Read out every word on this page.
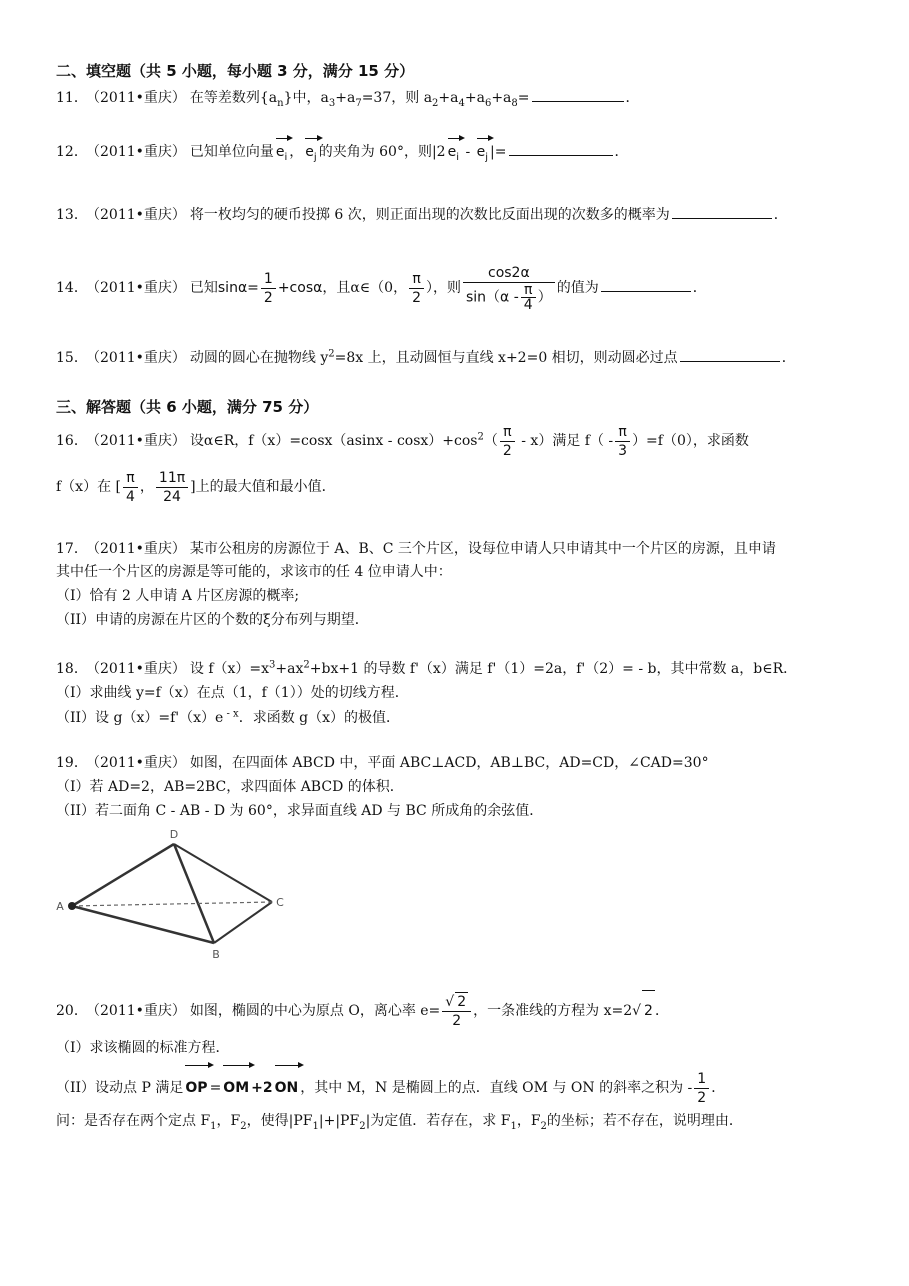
二、填空题（共 5 小题，每小题 3 分，满分 15 分）
11．（2011•重庆） 在等差数列$\{a_n\}$中，$a_3+a_7=37$，则 $a_2+a_4+a_6+a_8=$	．
12．（2011•重庆） 已知单位向量 $e_i$ ， $e_j$ 的夹角为 60°，则|2 $e_i - e_j$ |=	．
13．（2011•重庆） 将一枚均匀的硬币投掷 6 次，则正面出现的次数比反面出现的次数多的概率为	．
14．（2011•重庆） 已知$\sin\alpha= \frac{1}{2} +\cos\alpha$，且α∈（0， $\frac{\pi}{2}$ ），则 $\frac{\cos 2\alpha}{\sin(\alpha - \frac{\pi}{4} )}$ 的值为	．
15．（2011•重庆） 动圆的圆心在抛物线 $y^2=8x$ 上，且动圆恒与直线 x+2=0 相切，则动圆必过点	．
三、解答题（共 6 小题，满分 75 分）
16．（2011•重庆） 设α∈R，$f(x)=\cos x(asinx - \cos x)+\cos^2( \frac{\pi}{2} - x)$满足 $f( - \frac{\pi}{3} )=f(0)$，求函数
f（x）在 [ $\frac{\pi}{4}$ ， $\frac{11\pi}{24}$ ]上的最大值和最小值．
17．（2011•重庆） 某市公租房的房源位于 A、B、C 三个片区，设每位申请人只申请其中一个片区的房源，且申请
其中任一个片区的房源是等可能的，求该市的任 4 位申请人中：
（I）恰有 2 人申请 A 片区房源的概率;
（II）申请的房源在片区的个数的ξ分布列与期望．
18．（2011•重庆） 设 $f(x)=x^3+ax^2+bx+1$ 的导数 f'（x）满足 f'（1）=2a，f'（2）= - b，其中常数 a，b∈R．
（I）求曲线 y=f（x）在点（1，f（1））处的切线方程．
（II）设 g（x）=f'（x）e $^{- x}$．求函数 g（x）的极值．
19．（2011•重庆） 如图，在四面体 ABCD 中，平面 ABC⊥ACD，AB⊥BC，AD=CD，∠CAD=30°
（I）若 AD=2，AB=2BC，求四面体 ABCD 的体积．
（II）若二面角 C - AB - D 为 60°，求异面直线 AD 与 BC 所成角的余弦值．
D
A	C
B
20．（2011•重庆） 如图，椭圆的中心为原点 O，离心率 $e= \frac{√ 2}{2}$ ，一条准线的方程为 x=2√ 2 ．
（I）求该椭圆的标准方程．
（II）设动点 P 满足 OP = OM +2 ON ，其中 M，N 是椭圆上的点．直线 OM 与 ON 的斜率之积为 - $\frac{1}{2}$ ．
问：是否存在两个定点 $F_1$，$F_2$，使得$|PF_1|+|PF_2|$为定值．若存在，求 $F_1$，$F_2$的坐标；若不存在，说明理由．
